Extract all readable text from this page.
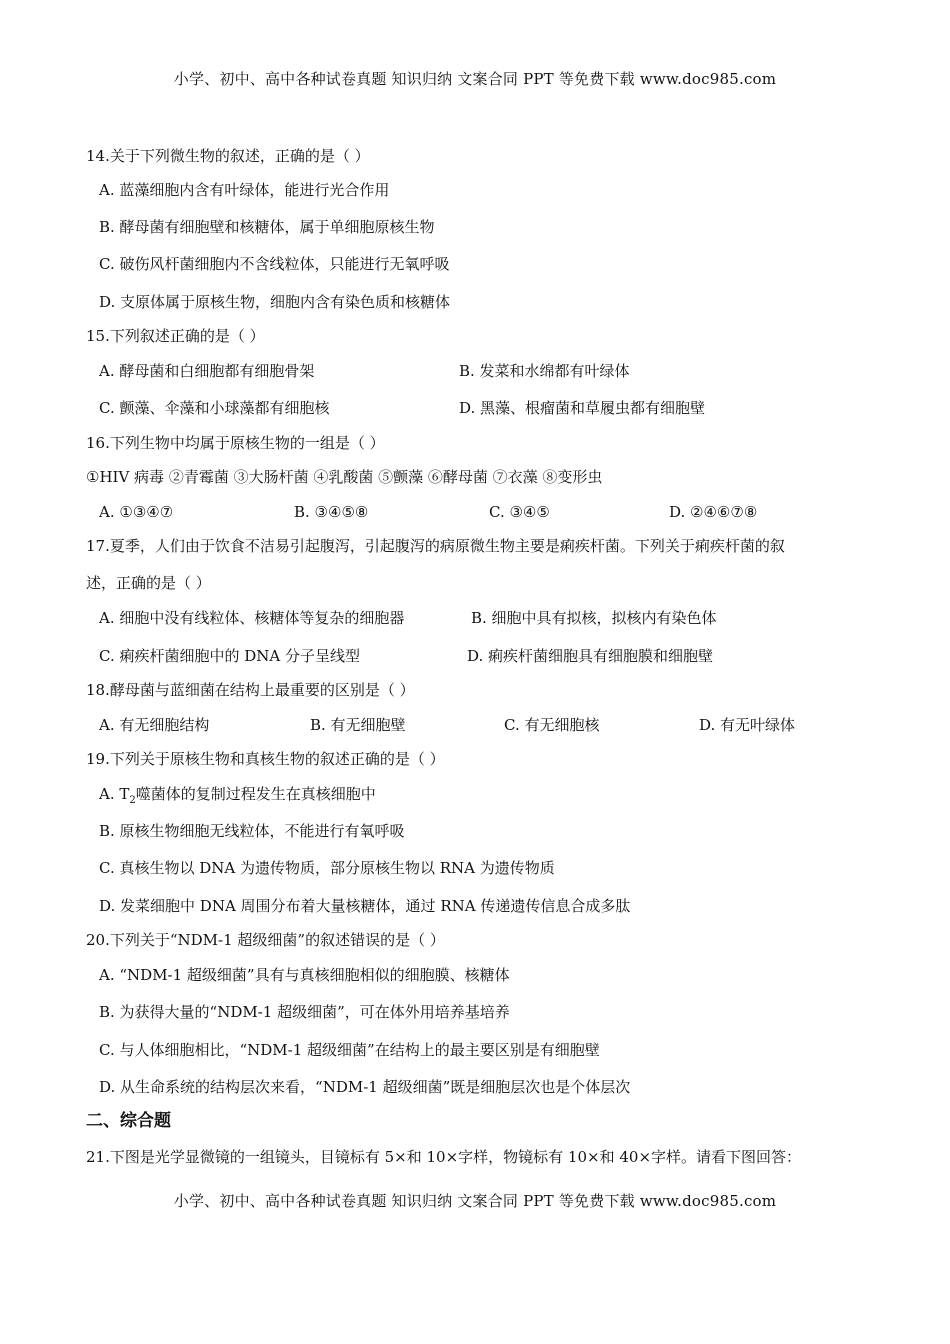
小学、初中、高中各种试卷真题 知识归纳 文案合同 PPT 等免费下载 www.doc985.com
14.关于下列微生物的叙述，正确的是（ ）
A. 蓝藻细胞内含有叶绿体，能进行光合作用
B. 酵母菌有细胞壁和核糖体，属于单细胞原核生物
C. 破伤风杆菌细胞内不含线粒体，只能进行无氧呼吸
D. 支原体属于原核生物，细胞内含有染色质和核糖体
15.下列叙述正确的是（ ）
A. 酵母菌和白细胞都有细胞骨架	B. 发菜和水绵都有叶绿体
C. 颤藻、伞藻和小球藻都有细胞核	D. 黑藻、根瘤菌和草履虫都有细胞壁
16.下列生物中均属于原核生物的一组是（ ）
①HIV 病毒 ②青霉菌 ③大肠杆菌 ④乳酸菌 ⑤颤藻 ⑥酵母菌 ⑦衣藻 ⑧变形虫
A. ①③④⑦	B. ③④⑤⑧	C. ③④⑤	D. ②④⑥⑦⑧
17.夏季，人们由于饮食不洁易引起腹泻，引起腹泻的病原微生物主要是痢疾杆菌。下列关于痢疾杆菌的叙
述，正确的是（ ）
A. 细胞中没有线粒体、核糖体等复杂的细胞器	B. 细胞中具有拟核，拟核内有染色体
C. 痢疾杆菌细胞中的 DNA 分子呈线型	D. 痢疾杆菌细胞具有细胞膜和细胞壁
18.酵母菌与蓝细菌在结构上最重要的区别是（ ）
A. 有无细胞结构	B. 有无细胞壁	C. 有无细胞核	D. 有无叶绿体
19.下列关于原核生物和真核生物的叙述正确的是（ ）
A. $T_2$噬菌体的复制过程发生在真核细胞中
B. 原核生物细胞无线粒体，不能进行有氧呼吸
C. 真核生物以 DNA 为遗传物质，部分原核生物以 RNA 为遗传物质
D. 发菜细胞中 DNA 周围分布着大量核糖体，通过 RNA 传递遗传信息合成多肽
20.下列关于“NDM-1 超级细菌”的叙述错误的是（ ）
A. “NDM-1 超级细菌”具有与真核细胞相似的细胞膜、核糖体
B. 为获得大量的“NDM-1 超级细菌”，可在体外用培养基培养
C. 与人体细胞相比，“NDM-1 超级细菌”在结构上的最主要区别是有细胞壁
D. 从生命系统的结构层次来看，“NDM-1 超级细菌”既是细胞层次也是个体层次
二、综合题
21.下图是光学显微镜的一组镜头，目镜标有 5×和 10×字样，物镜标有 10×和 40×字样。请看下图回答：
小学、初中、高中各种试卷真题 知识归纳 文案合同 PPT 等免费下载 www.doc985.com
